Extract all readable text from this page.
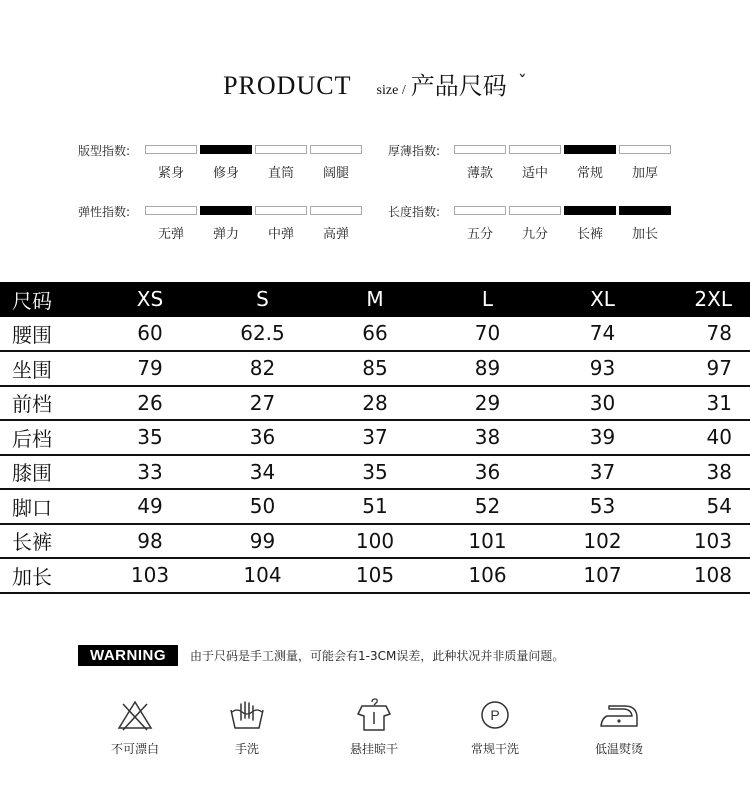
PRODUCT size / 产品尺码 ˇ
版型指数:
紧身	修身	直筒	阔腿
厚薄指数:
薄款	适中	常规	加厚
弹性指数:
无弹	弹力	中弹	高弹
长度指数:
五分	九分	长裤	加长
尺码	XS	S	M	L	XL	2XL
腰围	60	62.5	66	70	74	78
坐围	79	82	85	89	93	97
前档	26	27	28	29	30	31
后档	35	36	37	38	39	40
膝围	33	34	35	36	37	38
脚口	49	50	51	52	53	54
长裤	98	99	100	101	102	103
加长	103	104	105	106	107	108
WARNING	由于尺码是手工测量，可能会有1-3CM误差，此种状况并非质量问题。
不可漂白	手洗	悬挂晾干
P
常规干洗	低温熨烫
